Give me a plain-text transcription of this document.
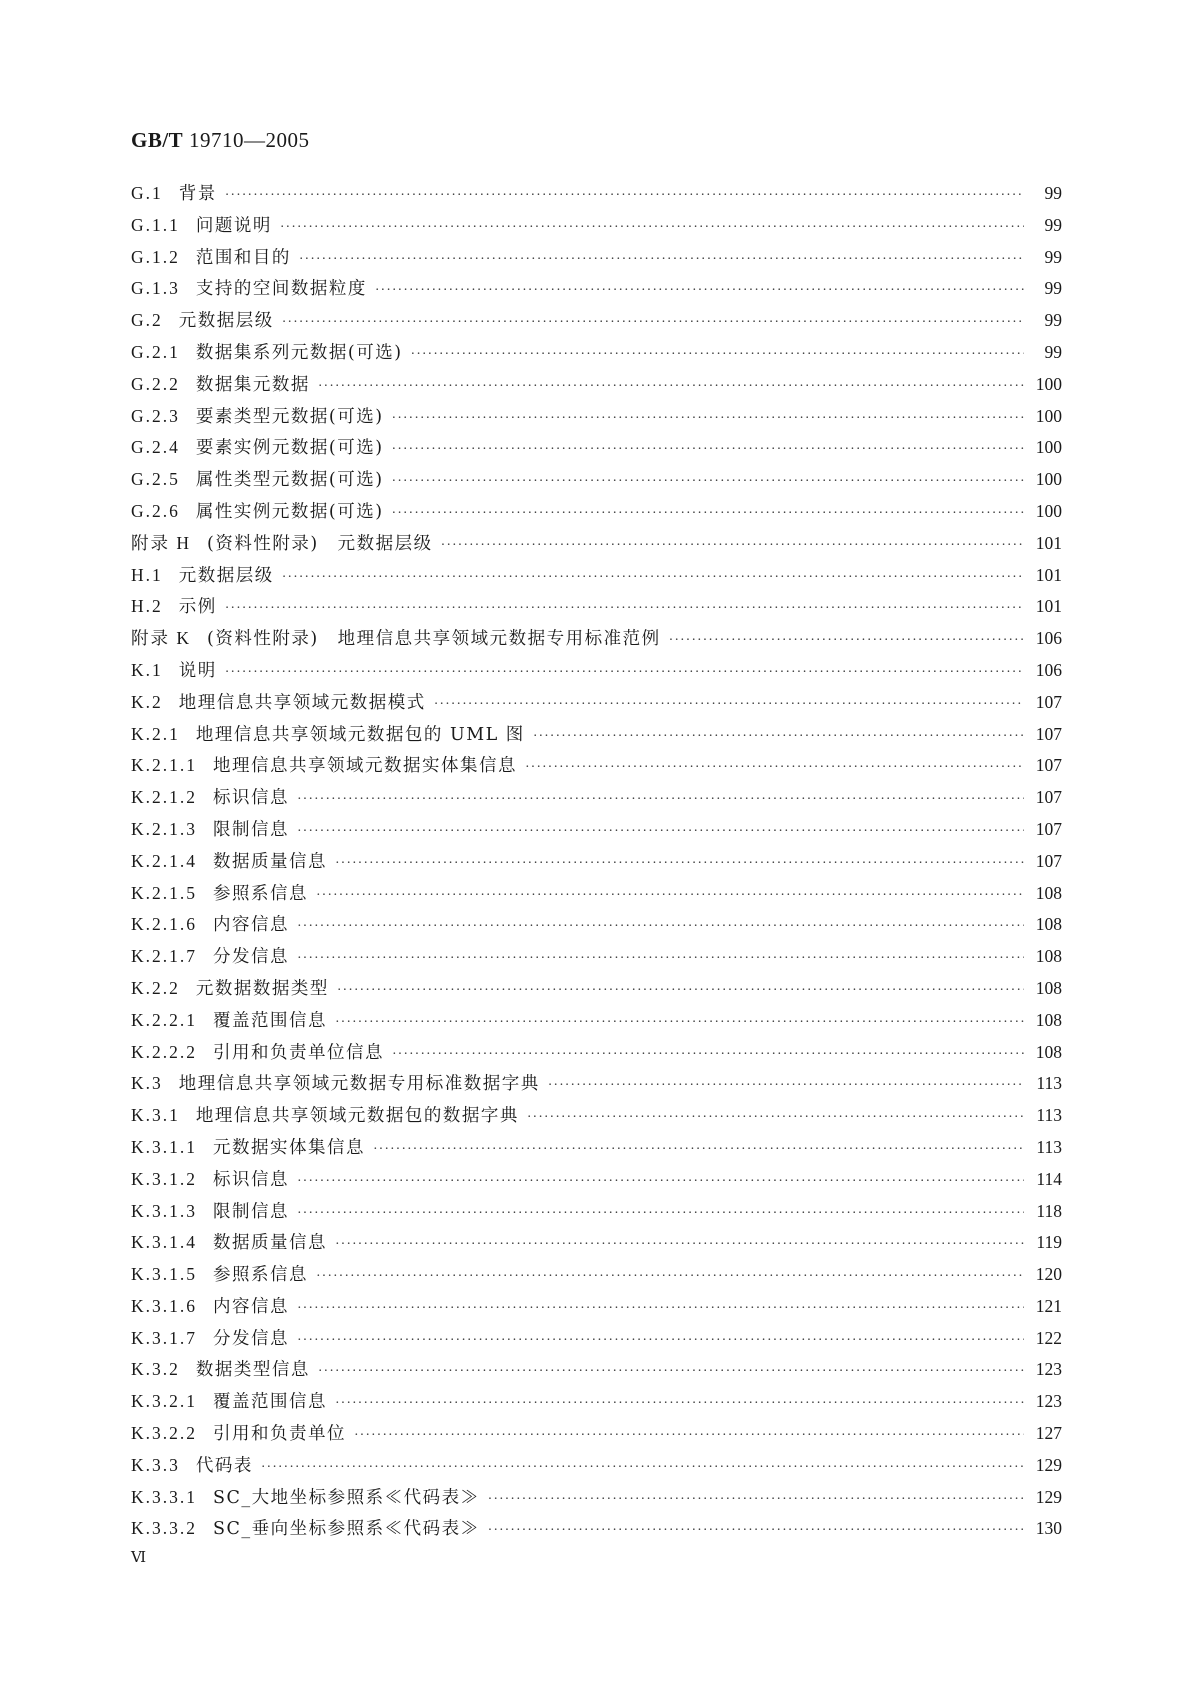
GB/T 19710—2005
G.1 背景 ·····	99
G.1.1 问题说明 ·····	99
G.1.2 范围和目的 ·····	99
G.1.3 支持的空间数据粒度 ·····	99
G.2 元数据层级 ·····	99
G.2.1 数据集系列元数据(可选) ·····	99
G.2.2 数据集元数据 ·····	100
G.2.3 要素类型元数据(可选) ·····	100
G.2.4 要素实例元数据(可选) ·····	100
G.2.5 属性类型元数据(可选) ·····	100
G.2.6 属性实例元数据(可选) ·····	100
附录 H (资料性附录)　元数据层级 ·····	101
H.1 元数据层级 ·····	101
H.2 示例 ·····	101
附录 K (资料性附录)　地理信息共享领域元数据专用标准范例 ·····	106
K.1 说明 ·····	106
K.2 地理信息共享领域元数据模式 ·····	107
K.2.1 地理信息共享领域元数据包的 UML 图 ·····	107
K.2.1.1 地理信息共享领域元数据实体集信息 ·····	107
K.2.1.2 标识信息 ·····	107
K.2.1.3 限制信息 ·····	107
K.2.1.4 数据质量信息 ·····	107
K.2.1.5 参照系信息 ·····	108
K.2.1.6 内容信息 ·····	108
K.2.1.7 分发信息 ·····	108
K.2.2 元数据数据类型 ·····	108
K.2.2.1 覆盖范围信息 ·····	108
K.2.2.2 引用和负责单位信息 ·····	108
K.3 地理信息共享领域元数据专用标准数据字典 ·····	113
K.3.1 地理信息共享领域元数据包的数据字典 ·····	113
K.3.1.1 元数据实体集信息 ·····	113
K.3.1.2 标识信息 ·····	114
K.3.1.3 限制信息 ·····	118
K.3.1.4 数据质量信息 ·····	119
K.3.1.5 参照系信息 ·····	120
K.3.1.6 内容信息 ·····	121
K.3.1.7 分发信息 ·····	122
K.3.2 数据类型信息 ·····	123
K.3.2.1 覆盖范围信息 ·····	123
K.3.2.2 引用和负责单位 ·····	127
K.3.3 代码表 ·····	129
K.3.3.1 SC_大地坐标参照系≪代码表≫ ·····	129
K.3.3.2 SC_垂向坐标参照系≪代码表≫ ·····	130
Ⅵ
